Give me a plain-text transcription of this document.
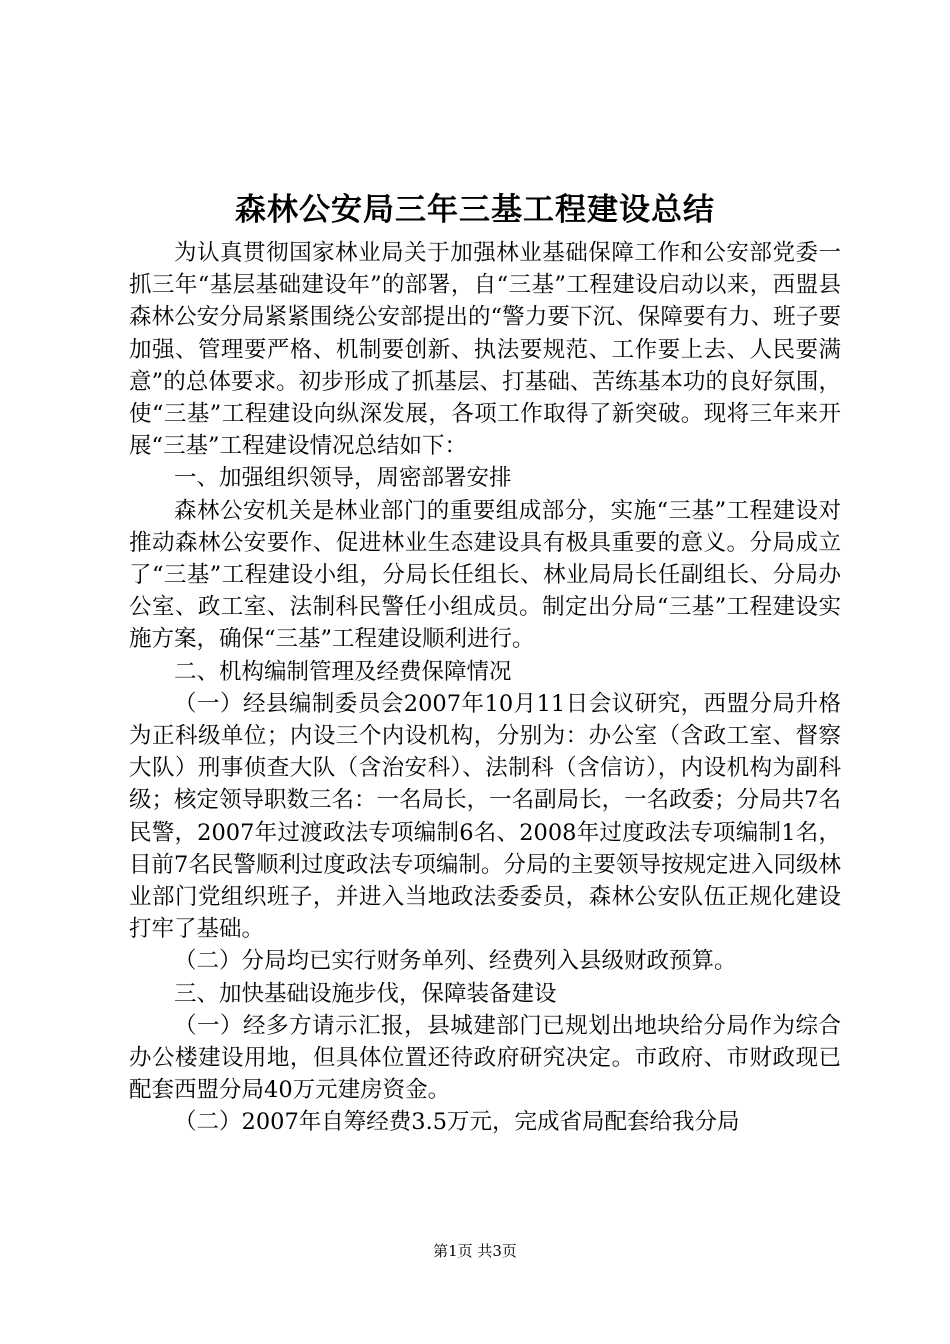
森林公安局三年三基工程建设总结

为认真贯彻国家林业局关于加强林业基础保障工作和公安部党委一抓三年“基层基础建设年”的部署，自“三基”工程建设启动以来，西盟县森林公安分局紧紧围绕公安部提出的“警力要下沉、保障要有力、班子要加强、管理要严格、机制要创新、执法要规范、工作要上去、人民要满意”的总体要求。初步形成了抓基层、打基础、苦练基本功的良好氛围，使“三基”工程建设向纵深发展，各项工作取得了新突破。现将三年来开展“三基”工程建设情况总结如下：

一、加强组织领导，周密部署安排

森林公安机关是林业部门的重要组成部分，实施“三基”工程建设对推动森林公安要作、促进林业生态建设具有极具重要的意义。分局成立了“三基”工程建设小组，分局长任组长、林业局局长任副组长、分局办公室、政工室、法制科民警任小组成员。制定出分局“三基”工程建设实施方案，确保“三基”工程建设顺利进行。

二、机构编制管理及经费保障情况

（一）经县编制委员会2007年10月11日会议研究，西盟分局升格为正科级单位；内设三个内设机构，分别为：办公室（含政工室、督察大队）刑事侦查大队（含治安科）、法制科（含信访），内设机构为副科级；核定领导职数三名：一名局长，一名副局长，一名政委；分局共7名民警，2007年过渡政法专项编制6名、2008年过度政法专项编制1名，目前7名民警顺利过度政法专项编制。分局的主要领导按规定进入同级林业部门党组织班子，并进入当地政法委委员，森林公安队伍正规化建设打牢了基础。

（二）分局均已实行财务单列、经费列入县级财政预算。

三、加快基础设施步伐，保障装备建设

（一）经多方请示汇报，县城建部门已规划出地块给分局作为综合办公楼建设用地，但具体位置还待政府研究决定。市政府、市财政现已配套西盟分局40万元建房资金。

（二）2007年自筹经费3.5万元，完成省局配套给我分局

第1页 共3页
